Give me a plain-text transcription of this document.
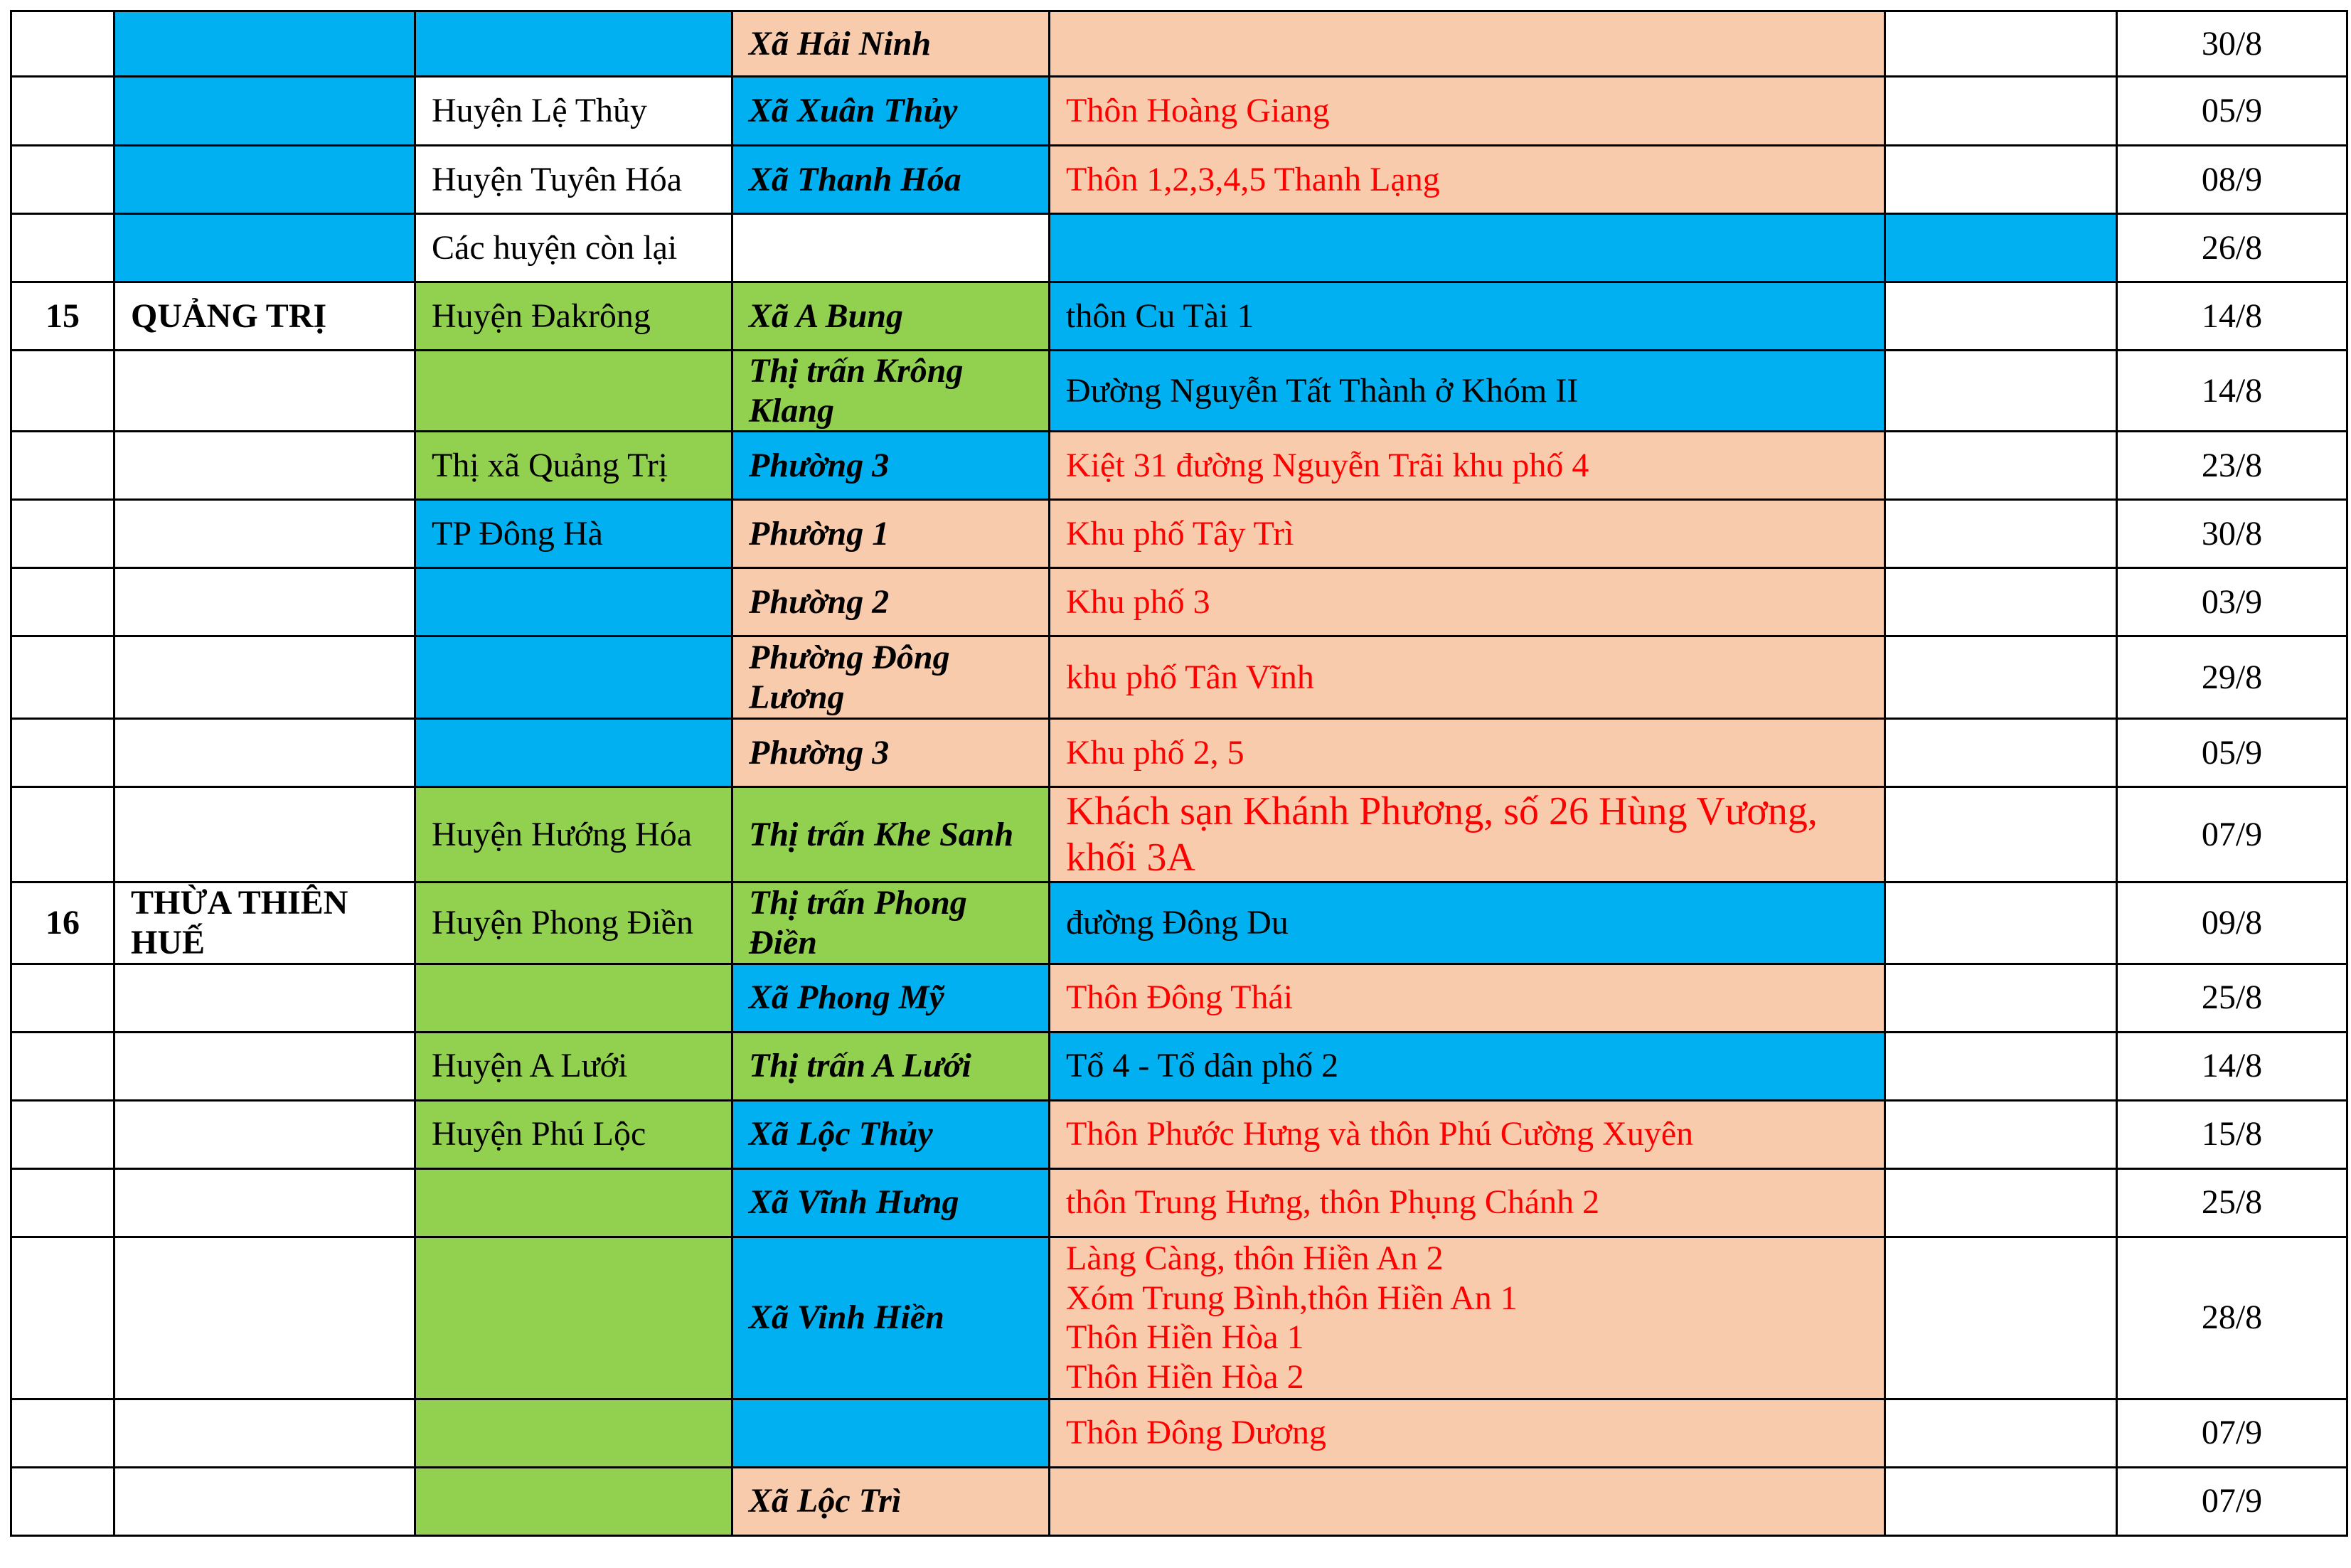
			Xã Hải Ninh			30/8
		Huyện Lệ Thủy	Xã Xuân Thủy	Thôn Hoàng Giang		05/9
		Huyện Tuyên Hóa	Xã Thanh Hóa	Thôn 1,2,3,4,5 Thanh Lạng		08/9
		Các huyện còn lại				26/8
15	QUẢNG TRỊ	Huyện Đakrông	Xã A Bung	thôn Cu Tài 1		14/8
			Thị trấn Krông Klang	Đường Nguyễn Tất Thành ở Khóm II		14/8
		Thị xã Quảng Trị	Phường 3	Kiệt 31 đường Nguyễn Trãi khu phố 4		23/8
		TP Đông Hà	Phường 1	Khu phố Tây Trì		30/8
			Phường 2	Khu phố 3		03/9
			Phường Đông Lương	khu phố Tân Vĩnh		29/8
			Phường 3	Khu phố 2, 5		05/9
		Huyện Hướng Hóa	Thị trấn Khe Sanh	Khách sạn Khánh Phương, số 26 Hùng Vương, khối 3A		07/9
16	THỪA THIÊN HUẾ	Huyện Phong Điền	Thị trấn Phong Điền	đường Đông Du		09/8
			Xã Phong Mỹ	Thôn Đông Thái		25/8
		Huyện A Lưới	Thị trấn A Lưới	Tổ 4 - Tổ dân phố 2		14/8
		Huyện Phú Lộc	Xã Lộc Thủy	Thôn Phước Hưng và thôn Phú Cường Xuyên		15/8
			Xã Vĩnh Hưng	thôn Trung Hưng, thôn Phụng Chánh 2		25/8
			Xã Vinh Hiền	Làng Càng, thôn Hiền An 2
Xóm Trung Bình,thôn Hiền An 1
Thôn Hiền Hòa 1
Thôn Hiền Hòa 2		28/8

				Thôn Đông Dương		07/9
			Xã Lộc Trì			07/9
